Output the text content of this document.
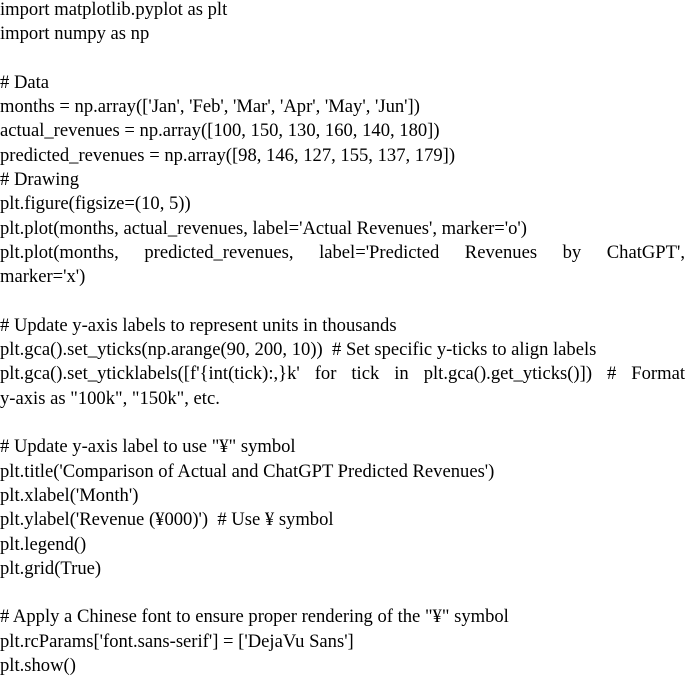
import matplotlib.pyplot as plt
import numpy as np
# Data
months = np.array(['Jan', 'Feb', 'Mar', 'Apr', 'May', 'Jun'])
actual_revenues = np.array([100, 150, 130, 160, 140, 180])
predicted_revenues = np.array([98, 146, 127, 155, 137, 179])
# Drawing
plt.figure(figsize=(10, 5))
plt.plot(months, actual_revenues, label='Actual Revenues', marker='o')
plt.plot(months, predicted_revenues, label='Predicted Revenues by ChatGPT',
marker='x')
# Update y-axis labels to represent units in thousands
plt.gca().set_yticks(np.arange(90, 200, 10))  # Set specific y-ticks to align labels
plt.gca().set_yticklabels([f'{int(tick):,}k' for tick in plt.gca().get_yticks()]) # Format
y-axis as "100k", "150k", etc.
# Update y-axis label to use "¥" symbol
plt.title('Comparison of Actual and ChatGPT Predicted Revenues')
plt.xlabel('Month')
plt.ylabel('Revenue (¥000)')  # Use ¥ symbol
plt.legend()
plt.grid(True)
# Apply a Chinese font to ensure proper rendering of the "¥" symbol
plt.rcParams['font.sans-serif'] = ['DejaVu Sans']
plt.show()
